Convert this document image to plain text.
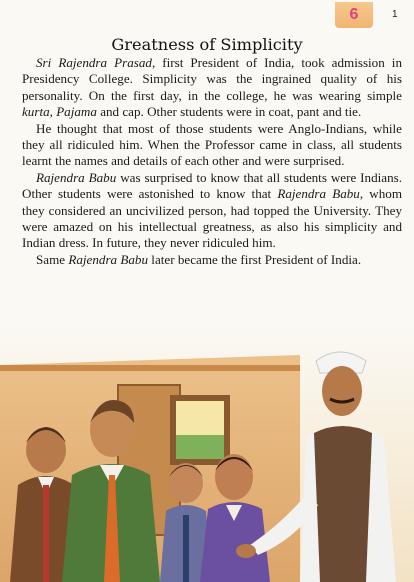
6	1
Greatness of Simplicity

Sri Rajendra Prasad, first President of India, took admission in Presidency College. Simplicity was the ingrained quality of his personality. On the first day, in the college, he was wearing simple kurta, Pajama and cap. Other students were in coat, pant and tie.

He thought that most of those students were Anglo-Indians, while they all ridiculed him. When the Professor came in class, all students learnt the names and details of each other and were surprised.

Rajendra Babu was surprised to know that all students were Indians. Other students were astonished to know that Rajendra Babu, whom they considered an uncivilized person, had topped the University. They were amazed on his intellectual greatness, as also his simplicity and Indian dress. In future, they never ridiculed him.

Same Rajendra Babu later became the first President of India.
